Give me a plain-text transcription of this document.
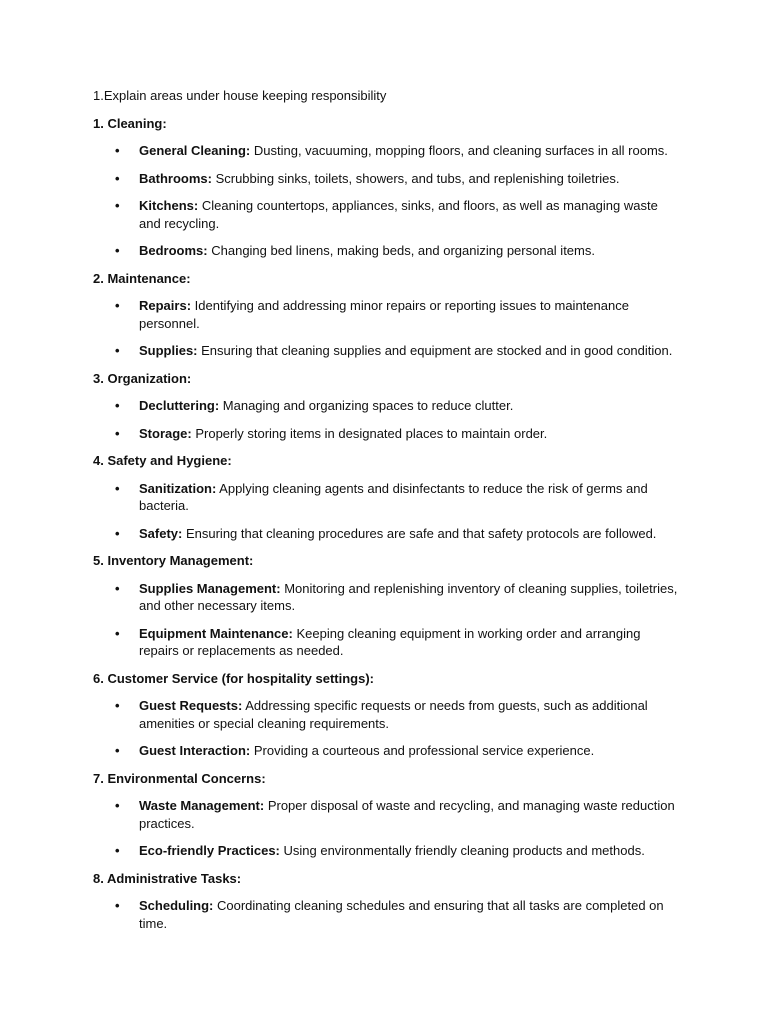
1.Explain areas under house keeping responsibility

1. Cleaning:

• General Cleaning: Dusting, vacuuming, mopping floors, and cleaning surfaces in all rooms.
• Bathrooms: Scrubbing sinks, toilets, showers, and tubs, and replenishing toiletries.
• Kitchens: Cleaning countertops, appliances, sinks, and floors, as well as managing waste and recycling.
• Bedrooms: Changing bed linens, making beds, and organizing personal items.

2. Maintenance:

• Repairs: Identifying and addressing minor repairs or reporting issues to maintenance personnel.
• Supplies: Ensuring that cleaning supplies and equipment are stocked and in good condition.

3. Organization:

• Decluttering: Managing and organizing spaces to reduce clutter.
• Storage: Properly storing items in designated places to maintain order.

4. Safety and Hygiene:

• Sanitization: Applying cleaning agents and disinfectants to reduce the risk of germs and bacteria.
• Safety: Ensuring that cleaning procedures are safe and that safety protocols are followed.

5. Inventory Management:

• Supplies Management: Monitoring and replenishing inventory of cleaning supplies, toiletries, and other necessary items.
• Equipment Maintenance: Keeping cleaning equipment in working order and arranging repairs or replacements as needed.

6. Customer Service (for hospitality settings):

• Guest Requests: Addressing specific requests or needs from guests, such as additional amenities or special cleaning requirements.
• Guest Interaction: Providing a courteous and professional service experience.

7. Environmental Concerns:

• Waste Management: Proper disposal of waste and recycling, and managing waste reduction practices.
• Eco-friendly Practices: Using environmentally friendly cleaning products and methods.

8. Administrative Tasks:

• Scheduling: Coordinating cleaning schedules and ensuring that all tasks are completed on time.
